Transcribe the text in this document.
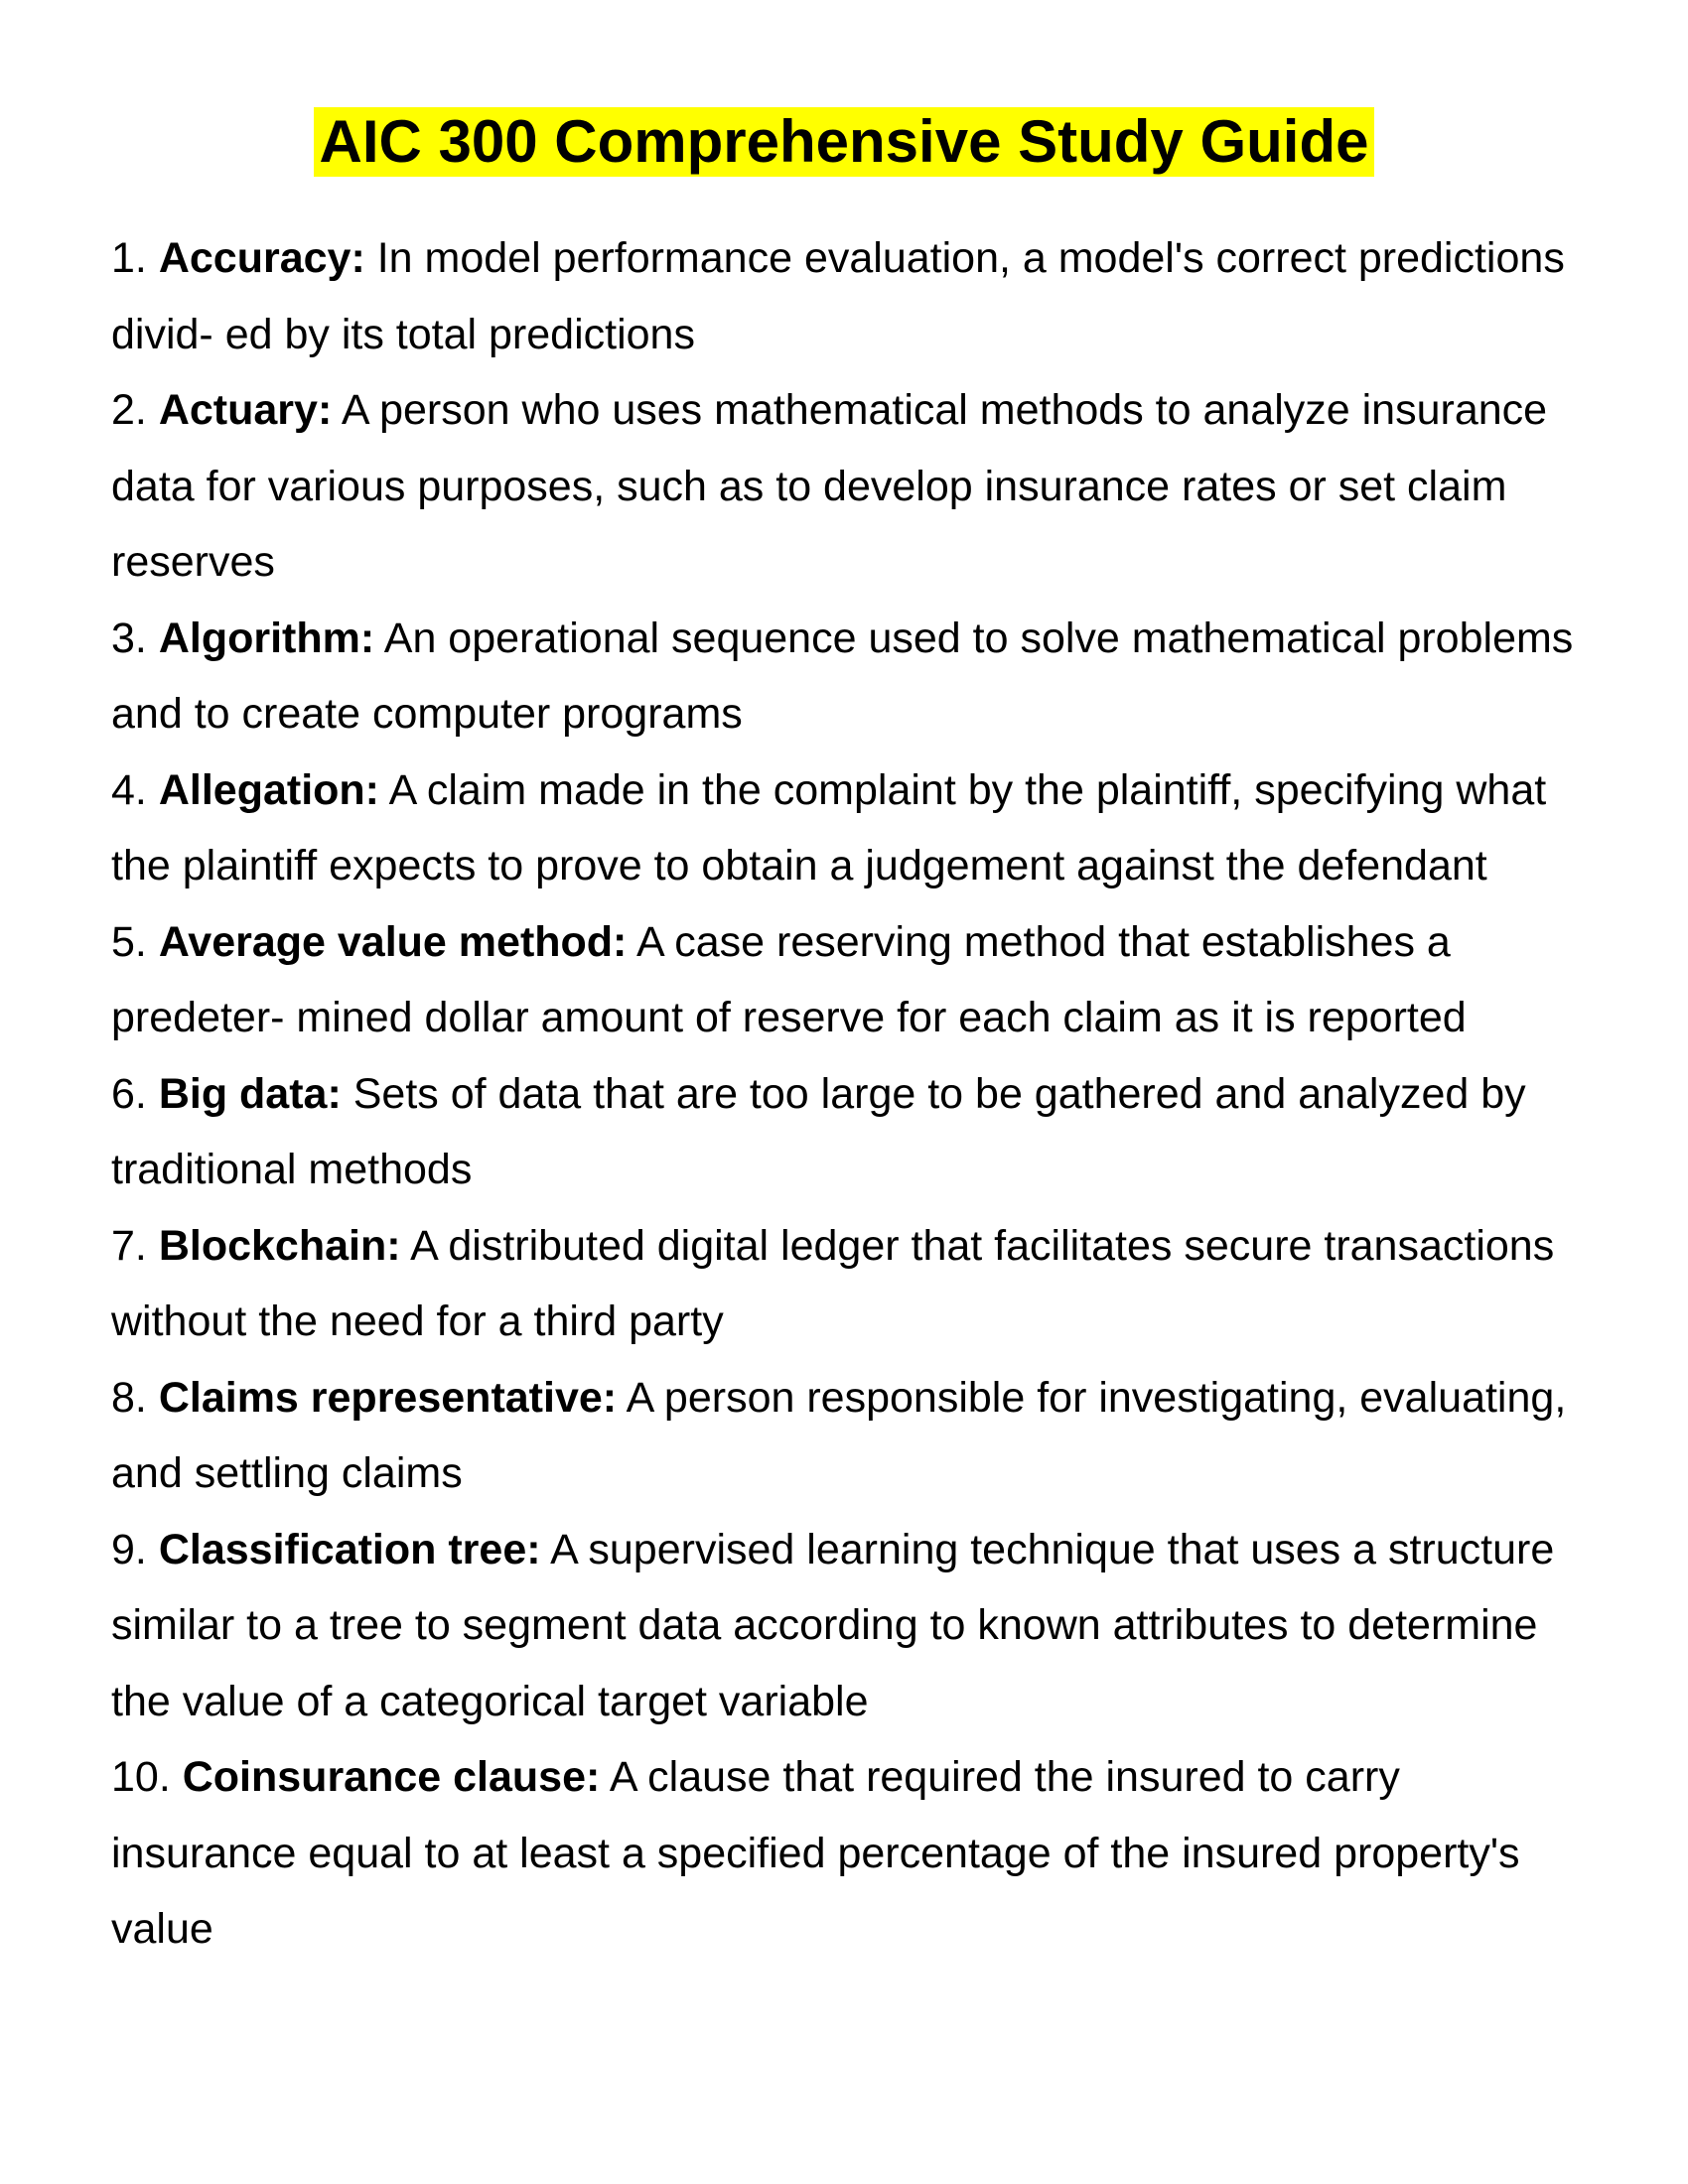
AIC 300 Comprehensive Study Guide
1. Accuracy: In model performance evaluation, a model's correct predictions divid- ed by its total predictions
2. Actuary: A person who uses mathematical methods to analyze insurance data for various purposes, such as to develop insurance rates or set claim reserves
3. Algorithm: An operational sequence used to solve mathematical problems and to create computer programs
4. Allegation: A claim made in the complaint by the plaintiff, specifying what the plaintiff expects to prove to obtain a judgement against the defendant
5. Average value method: A case reserving method that establishes a predeter- mined dollar amount of reserve for each claim as it is reported
6. Big data: Sets of data that are too large to be gathered and analyzed by traditional methods
7. Blockchain: A distributed digital ledger that facilitates secure transactions without the need for a third party
8. Claims representative: A person responsible for investigating, evaluating, and settling claims
9. Classification tree: A supervised learning technique that uses a structure similar to a tree to segment data according to known attributes to determine the value of a categorical target variable
10. Coinsurance clause: A clause that required the insured to carry insurance equal to at least a specified percentage of the insured property's value
